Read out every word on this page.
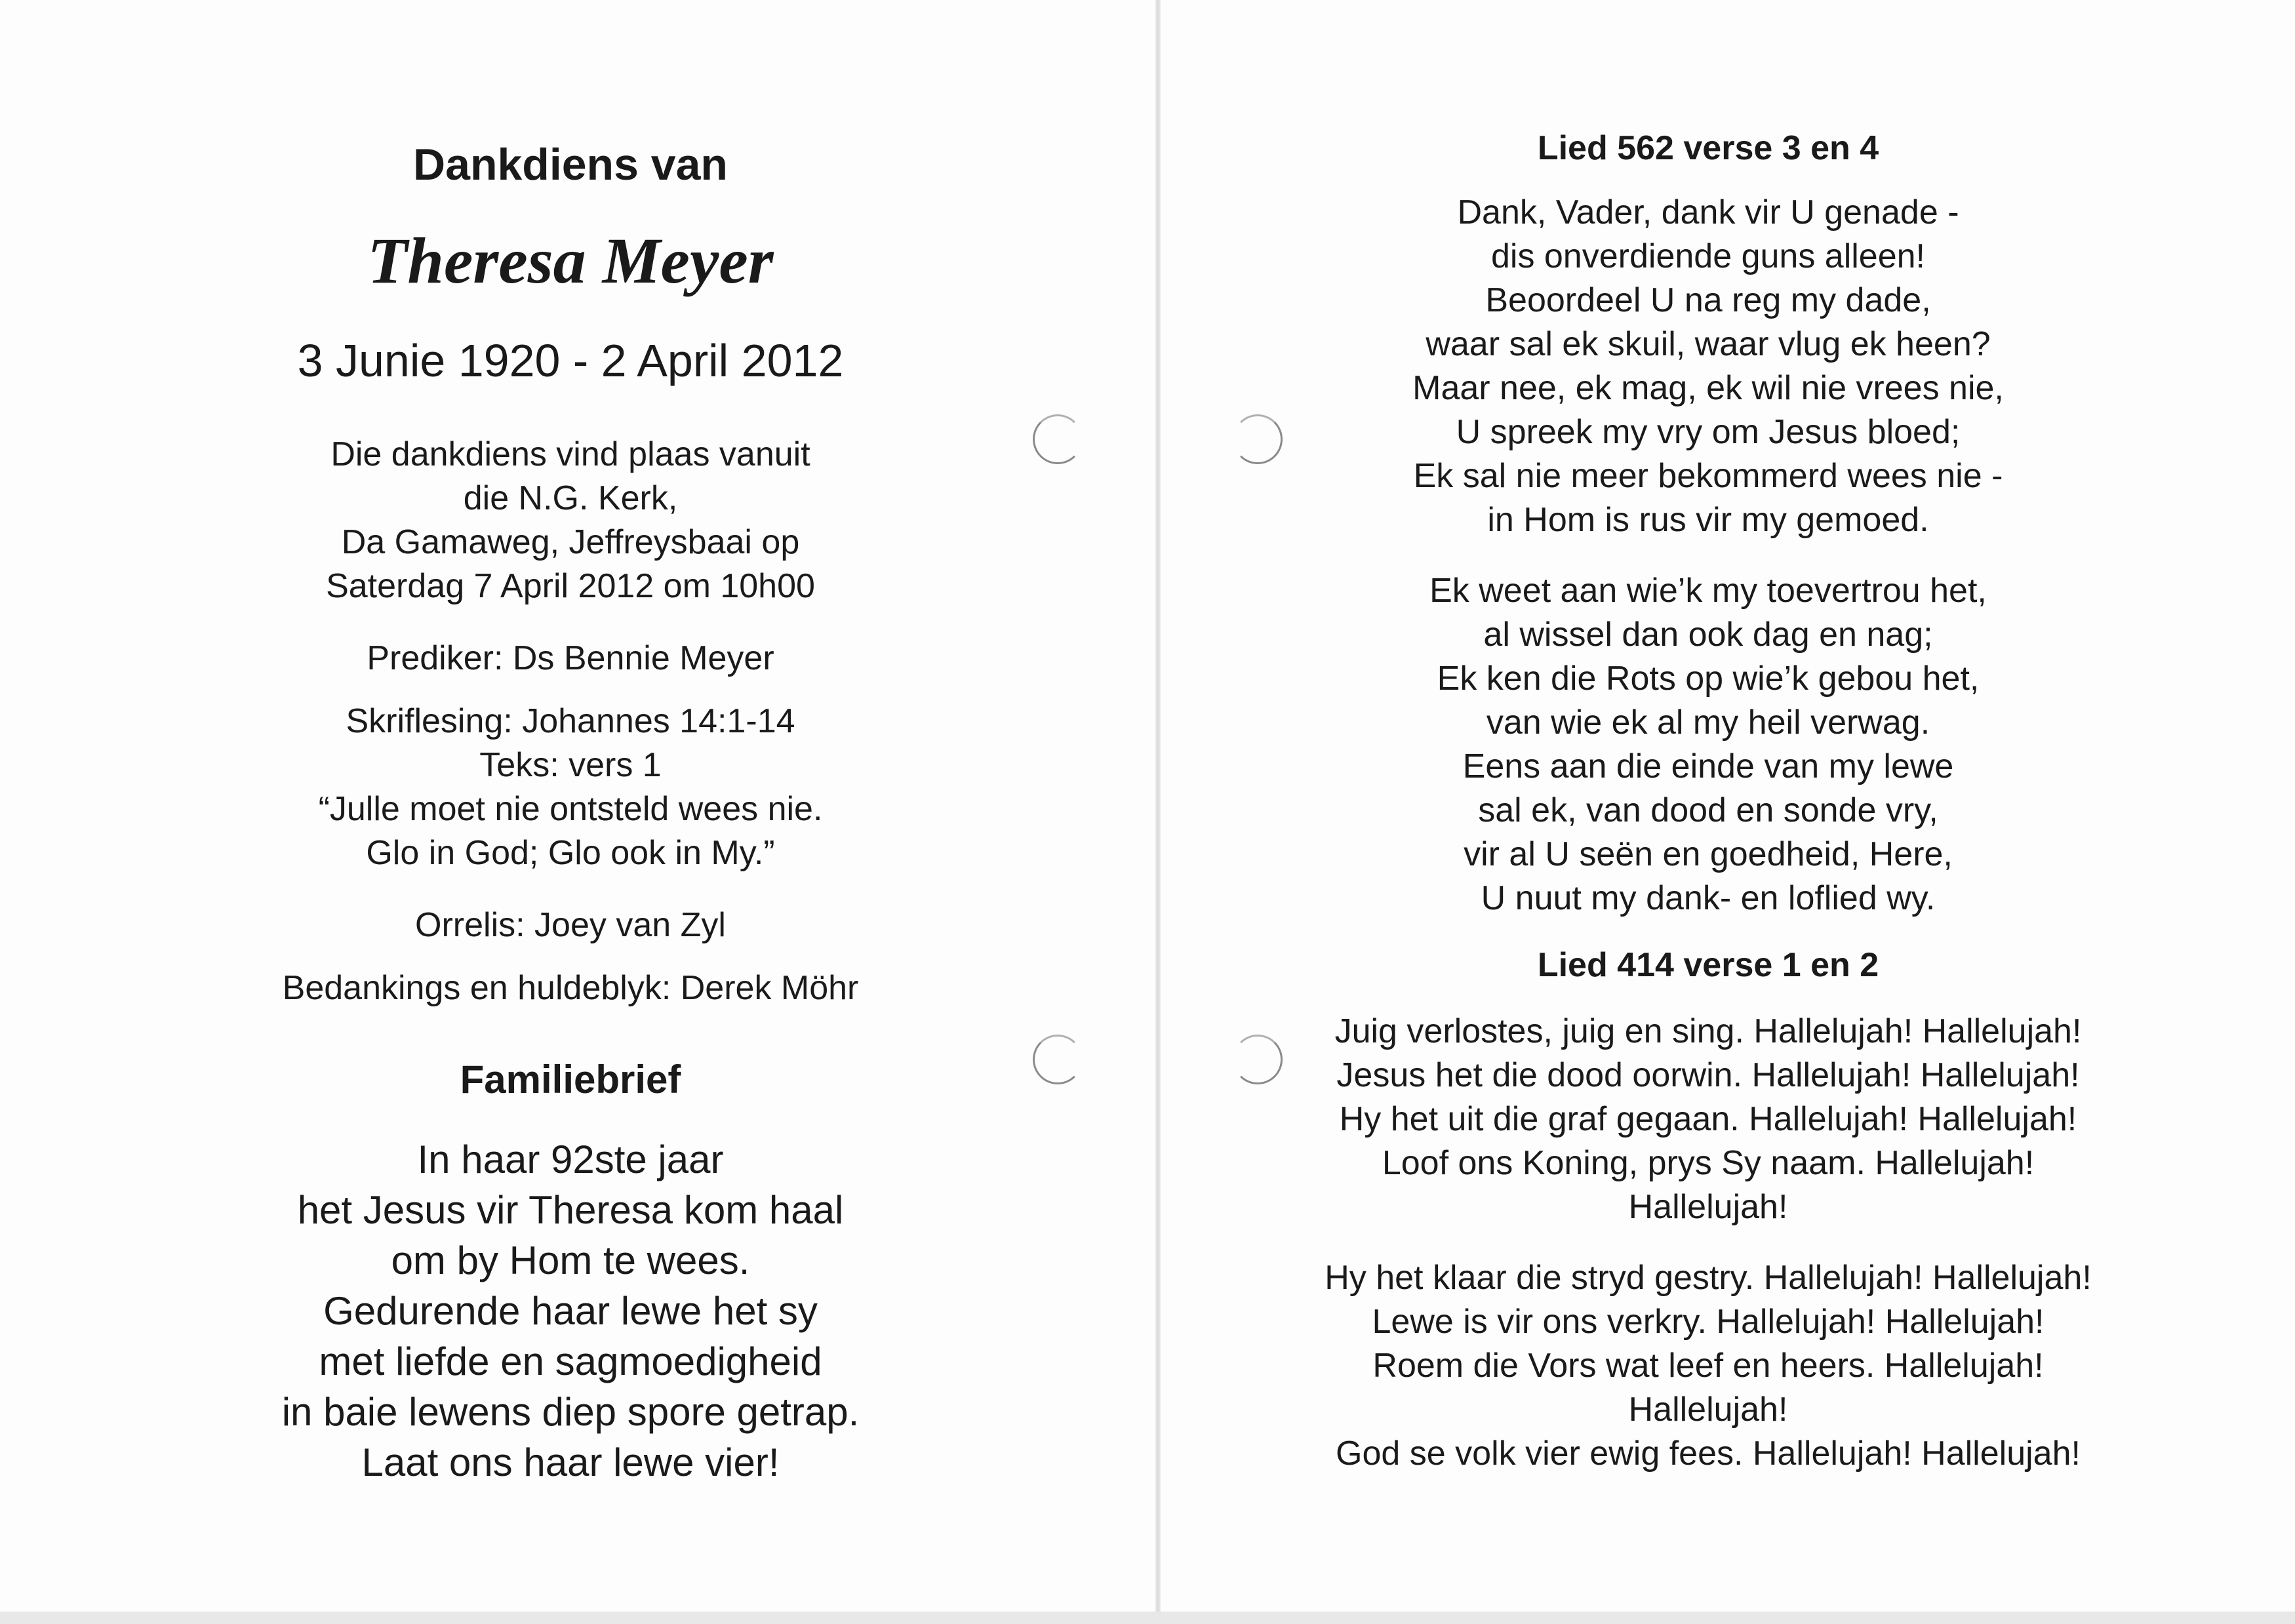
Dankdiens van
Theresa Meyer
3 Junie 1920 - 2 April 2012

Die dankdiens vind plaas vanuit

die N.G. Kerk,

Da Gamaweg, Jeffreysbaai op

Saterdag 7 April 2012 om 10h00

Prediker: Ds Bennie Meyer

Skriflesing: Johannes 14:1-14

Teks: vers 1

“Julle moet nie ontsteld wees nie.

Glo in God; Glo ook in My.”

Orrelis: Joey van Zyl

Bedankings en huldeblyk: Derek Möhr

Familiebrief

In haar 92ste jaar

het Jesus vir Theresa kom haal

om by Hom te wees.

Gedurende haar lewe het sy

met liefde en sagmoedigheid

in baie lewens diep spore getrap.

Laat ons haar lewe vier!

Lied 562 verse 3 en 4

Dank, Vader, dank vir U genade -

dis onverdiende guns alleen!

Beoordeel U na reg my dade,

waar sal ek skuil, waar vlug ek heen?

Maar nee, ek mag, ek wil nie vrees nie,

U spreek my vry om Jesus bloed;

Ek sal nie meer bekommerd wees nie -

in Hom is rus vir my gemoed.

Ek weet aan wie’k my toevertrou het,

al wissel dan ook dag en nag;

Ek ken die Rots op wie’k gebou het,

van wie ek al my heil verwag.

Eens aan die einde van my lewe

sal ek, van dood en sonde vry,

vir al U seën en goedheid, Here,

U nuut my dank- en loflied wy.

Lied 414 verse 1 en 2

Juig verlostes, juig en sing. Hallelujah! Hallelujah!

Jesus het die dood oorwin. Hallelujah! Hallelujah!

Hy het uit die graf gegaan. Hallelujah! Hallelujah!

Loof ons Koning, prys Sy naam. Hallelujah!

Hallelujah!

Hy het klaar die stryd gestry. Hallelujah! Hallelujah!

Lewe is vir ons verkry. Hallelujah! Hallelujah!

Roem die Vors wat leef en heers. Hallelujah!

Hallelujah!

God se volk vier ewig fees. Hallelujah! Hallelujah!
